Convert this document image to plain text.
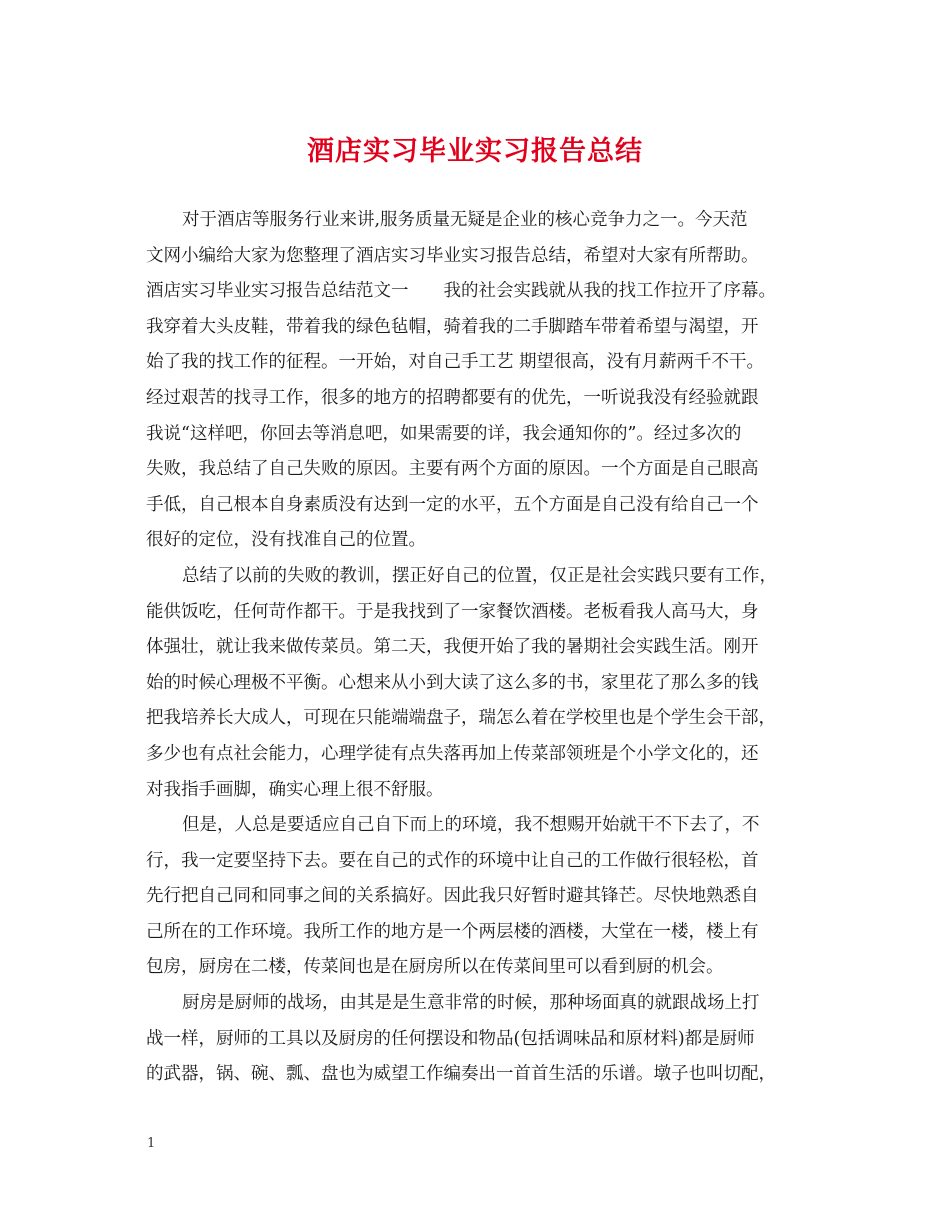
酒店实习毕业实习报告总结
对于酒店等服务行业来讲,服务质量无疑是企业的核心竞争力之一。今天范
文网小编给大家为您整理了酒店实习毕业实习报告总结，希望对大家有所帮助。
酒店实习毕业实习报告总结范文一　　我的社会实践就从我的找工作拉开了序幕。
我穿着大头皮鞋，带着我的绿色毡帽，骑着我的二手脚踏车带着希望与渴望，开
始了我的找工作的征程。一开始，对自己手工艺 期望很高，没有月薪两千不干。
经过艰苦的找寻工作，很多的地方的招聘都要有的优先，一听说我没有经验就跟
我说“这样吧，你回去等消息吧，如果需要的详，我会通知你的”。经过多次的
失败，我总结了自己失败的原因。主要有两个方面的原因。一个方面是自己眼高
手低，自己根本自身素质没有达到一定的水平，五个方面是自己没有给自己一个
很好的定位，没有找准自己的位置。
总结了以前的失败的教训，摆正好自己的位置，仅正是社会实践只要有工作，
能供饭吃，任何苛作都干。于是我找到了一家餐饮酒楼。老板看我人高马大，身
体强壮，就让我来做传菜员。第二天，我便开始了我的暑期社会实践生活。刚开
始的时候心理极不平衡。心想来从小到大读了这么多的书，家里花了那么多的钱
把我培养长大成人，可现在只能端端盘子，瑞怎么着在学校里也是个学生会干部，
多少也有点社会能力，心理学徒有点失落再加上传菜部领班是个小学文化的，还
对我指手画脚，确实心理上很不舒服。
但是，人总是要适应自己自下而上的环境，我不想赐开始就干不下去了，不
行，我一定要坚持下去。要在自己的式作的环境中让自己的工作做行很轻松，首
先行把自己同和同事之间的关系搞好。因此我只好暂时避其锋芒。尽快地熟悉自
己所在的工作环境。我所工作的地方是一个两层楼的酒楼，大堂在一楼，楼上有
包房，厨房在二楼，传菜间也是在厨房所以在传菜间里可以看到厨的机会。
厨房是厨师的战场，由其是是生意非常的时候，那种场面真的就跟战场上打
战一样，厨师的工具以及厨房的任何摆设和物品(包括调味品和原材料)都是厨师
的武器，锅、碗、瓢、盘也为威望工作编奏出一首首生活的乐谱。墩子也叫切配，
1
